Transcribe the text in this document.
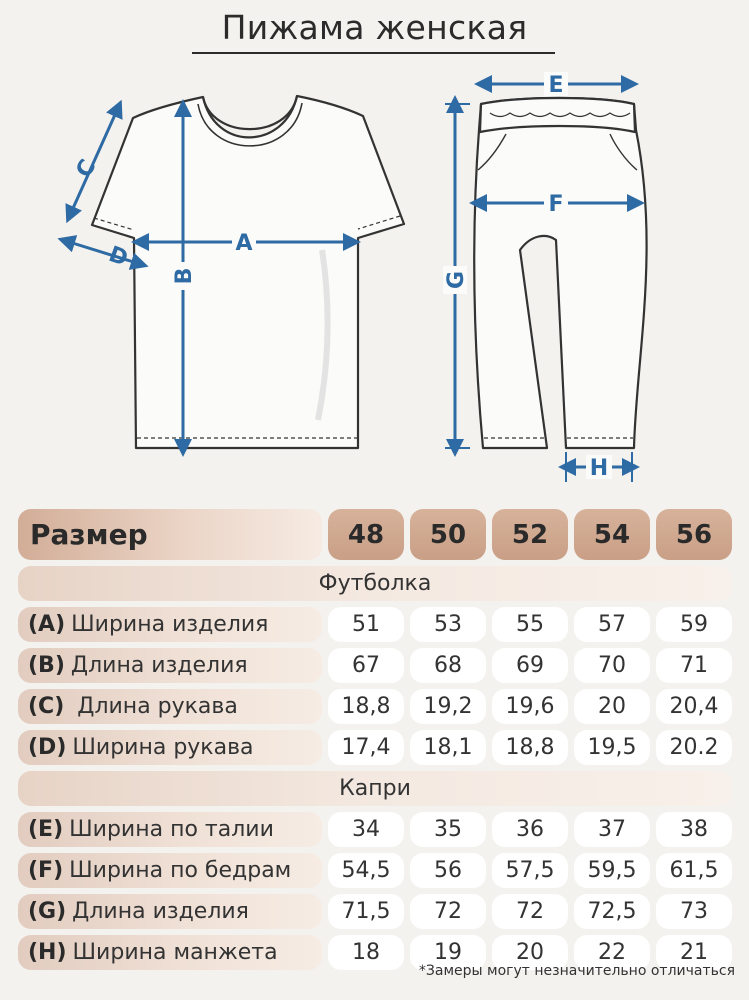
Пижама женская
C
D	A
B
E
F
G
H
Размер	48	50	52	54	56
Футболка
(A) Ширина изделия	51	53	55	57	59
(B) Длина изделия	67	68	69	70	71
(C) Длина рукава	18,8	19,2	19,6	20	20,4
(D) Ширина рукава	17,4	18,1	18,8	19,5	20.2
Капри
(E) Ширина по талии	34	35	36	37	38
(F) Ширина по бедрам	54,5	56	57,5	59,5	61,5
(G) Длина изделия	71,5	72	72	72,5	73
(H) Ширина манжета	18	19	20	22	21
*Замеры могут незначительно отличаться
